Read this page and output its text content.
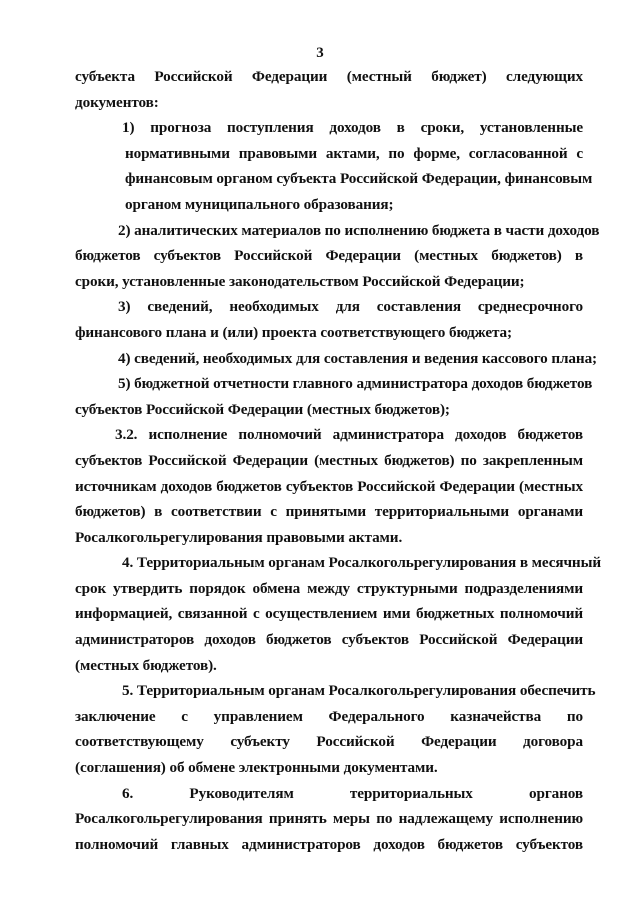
3
субъекта Российской Федерации (местный бюджет) следующих
документов:
1) прогноза поступления доходов в сроки, установленные
нормативными правовыми актами, по форме, согласованной с
финансовым органом субъекта Российской Федерации, финансовым
органом муниципального образования;
2) аналитических материалов по исполнению бюджета в части доходов
бюджетов субъектов Российской Федерации (местных бюджетов) в
сроки, установленные законодательством Российской Федерации;
3) сведений, необходимых для составления среднесрочного
финансового плана и (или) проекта соответствующего бюджета;
4) сведений, необходимых для составления и ведения кассового плана;
5) бюджетной отчетности главного администратора доходов бюджетов
субъектов Российской Федерации (местных бюджетов);
3.2. исполнение полномочий администратора доходов бюджетов
субъектов Российской Федерации (местных бюджетов) по закрепленным
источникам доходов бюджетов субъектов Российской Федерации (местных
бюджетов) в соответствии с принятыми территориальными органами
Росалкогольрегулирования правовыми актами.
4. Территориальным органам Росалкогольрегулирования в месячный
срок утвердить порядок обмена между структурными подразделениями
информацией, связанной с осуществлением ими бюджетных полномочий
администраторов доходов бюджетов субъектов Российской Федерации
(местных бюджетов).
5. Территориальным органам Росалкогольрегулирования обеспечить
заключение с управлением Федерального казначейства по
соответствующему субъекту Российской Федерации договора
(соглашения) об обмене электронными документами.
6. Руководителям территориальных органов
Росалкогольрегулирования принять меры по надлежащему исполнению
полномочий главных администраторов доходов бюджетов субъектов
